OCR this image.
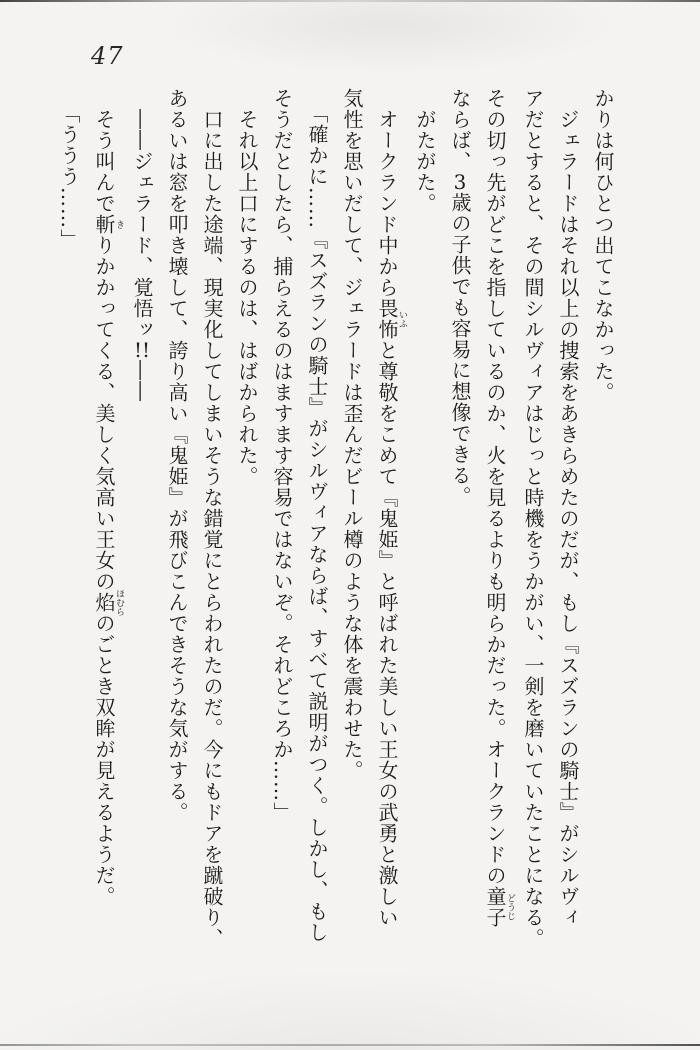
47

かりは何ひとつ出てこなかった。

ジェラードはそれ以上の捜索をあきらめたのだが、もし『スズランの騎士』がシルヴィ

アだとすると、その間シルヴィアはじっと時機をうかがい、一剣を磨いていたことになる。

その切っ先がどこを指しているのか、火を見るよりも明らかだった。オークランドの童子どうじ

ならば、3歳の子供でも容易に想像できる。

がたがた。

オークランド中から畏怖いふと尊敬をこめて『鬼姫』と呼ばれた美しい王女の武勇と激しい

気性を思いだして、ジェラードは歪んだビール樽のような体を震わせた。

「確かに……『スズランの騎士』がシルヴィアならば、すべて説明がつく。しかし、もし

そうだとしたら、捕らえるのはますます容易ではないぞ。それどころか……」

それ以上口にするのは、はばかられた。

口に出した途端、現実化してしまいそうな錯覚にとらわれたのだ。今にもドアを蹴破り、

あるいは窓を叩き壊して、誇り高い『鬼姫』が飛びこんできそうな気がする。

――ジェラード、覚悟ッ!!――

そう叫んで斬きりかかってくる、美しく気高い王女の焰ほむらのごとき双眸が見えるようだ。

「ううう……」
